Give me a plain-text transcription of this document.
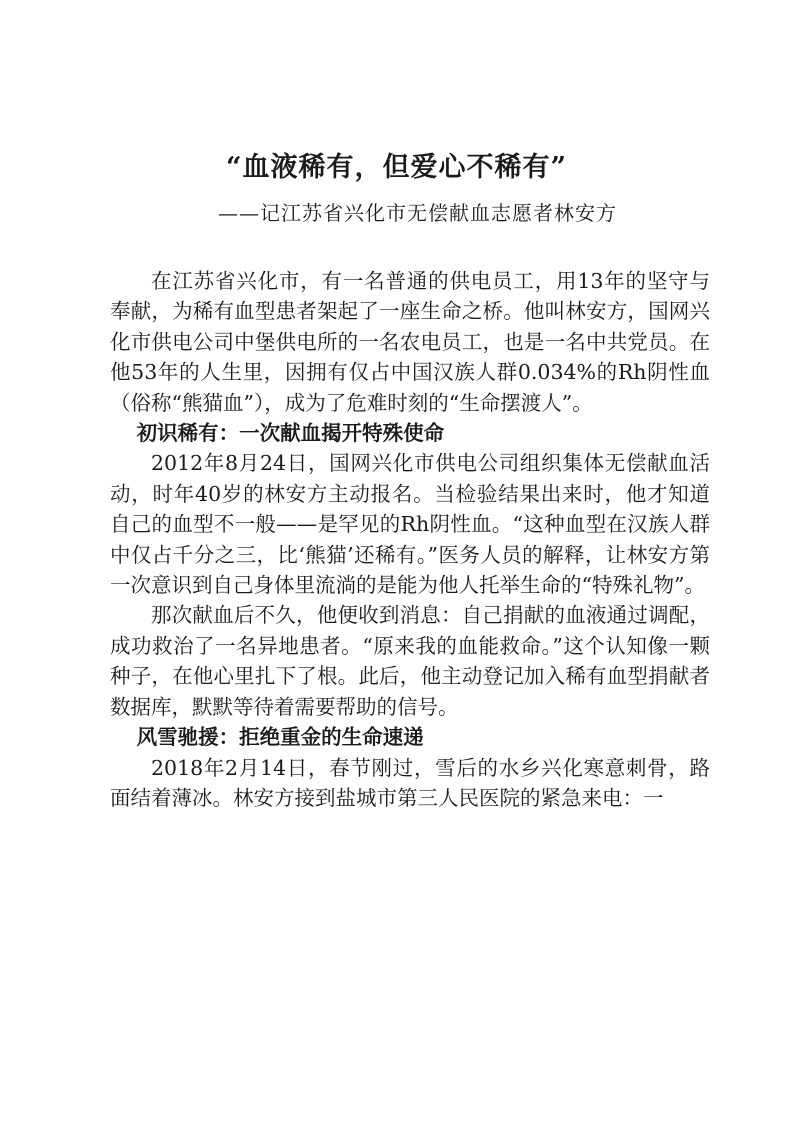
“血液稀有，但爱心不稀有”
——记江苏省兴化市无偿献血志愿者林安方

在江苏省兴化市，有一名普通的供电员工，用13年的坚守与奉献，为稀有血型患者架起了一座生命之桥。他叫林安方，国网兴化市供电公司中堡供电所的一名农电员工，也是一名中共党员。在他53年的人生里，因拥有仅占中国汉族人群0.034%的Rh阴性血（俗称“熊猫血”），成为了危难时刻的“生命摆渡人”。

初识稀有：一次献血揭开特殊使命

2012年8月24日，国网兴化市供电公司组织集体无偿献血活动，时年40岁的林安方主动报名。当检验结果出来时，他才知道自己的血型不一般——是罕见的Rh阴性血。“这种血型在汉族人群中仅占千分之三，比‘熊猫’还稀有。”医务人员的解释，让林安方第一次意识到自己身体里流淌的是能为他人托举生命的“特殊礼物”。

那次献血后不久，他便收到消息：自己捐献的血液通过调配，成功救治了一名异地患者。“原来我的血能救命。”这个认知像一颗种子，在他心里扎下了根。此后，他主动登记加入稀有血型捐献者数据库，默默等待着需要帮助的信号。

风雪驰援：拒绝重金的生命速递

2018年2月14日，春节刚过，雪后的水乡兴化寒意刺骨，路面结着薄冰。林安方接到盐城市第三人民医院的紧急来电：一
